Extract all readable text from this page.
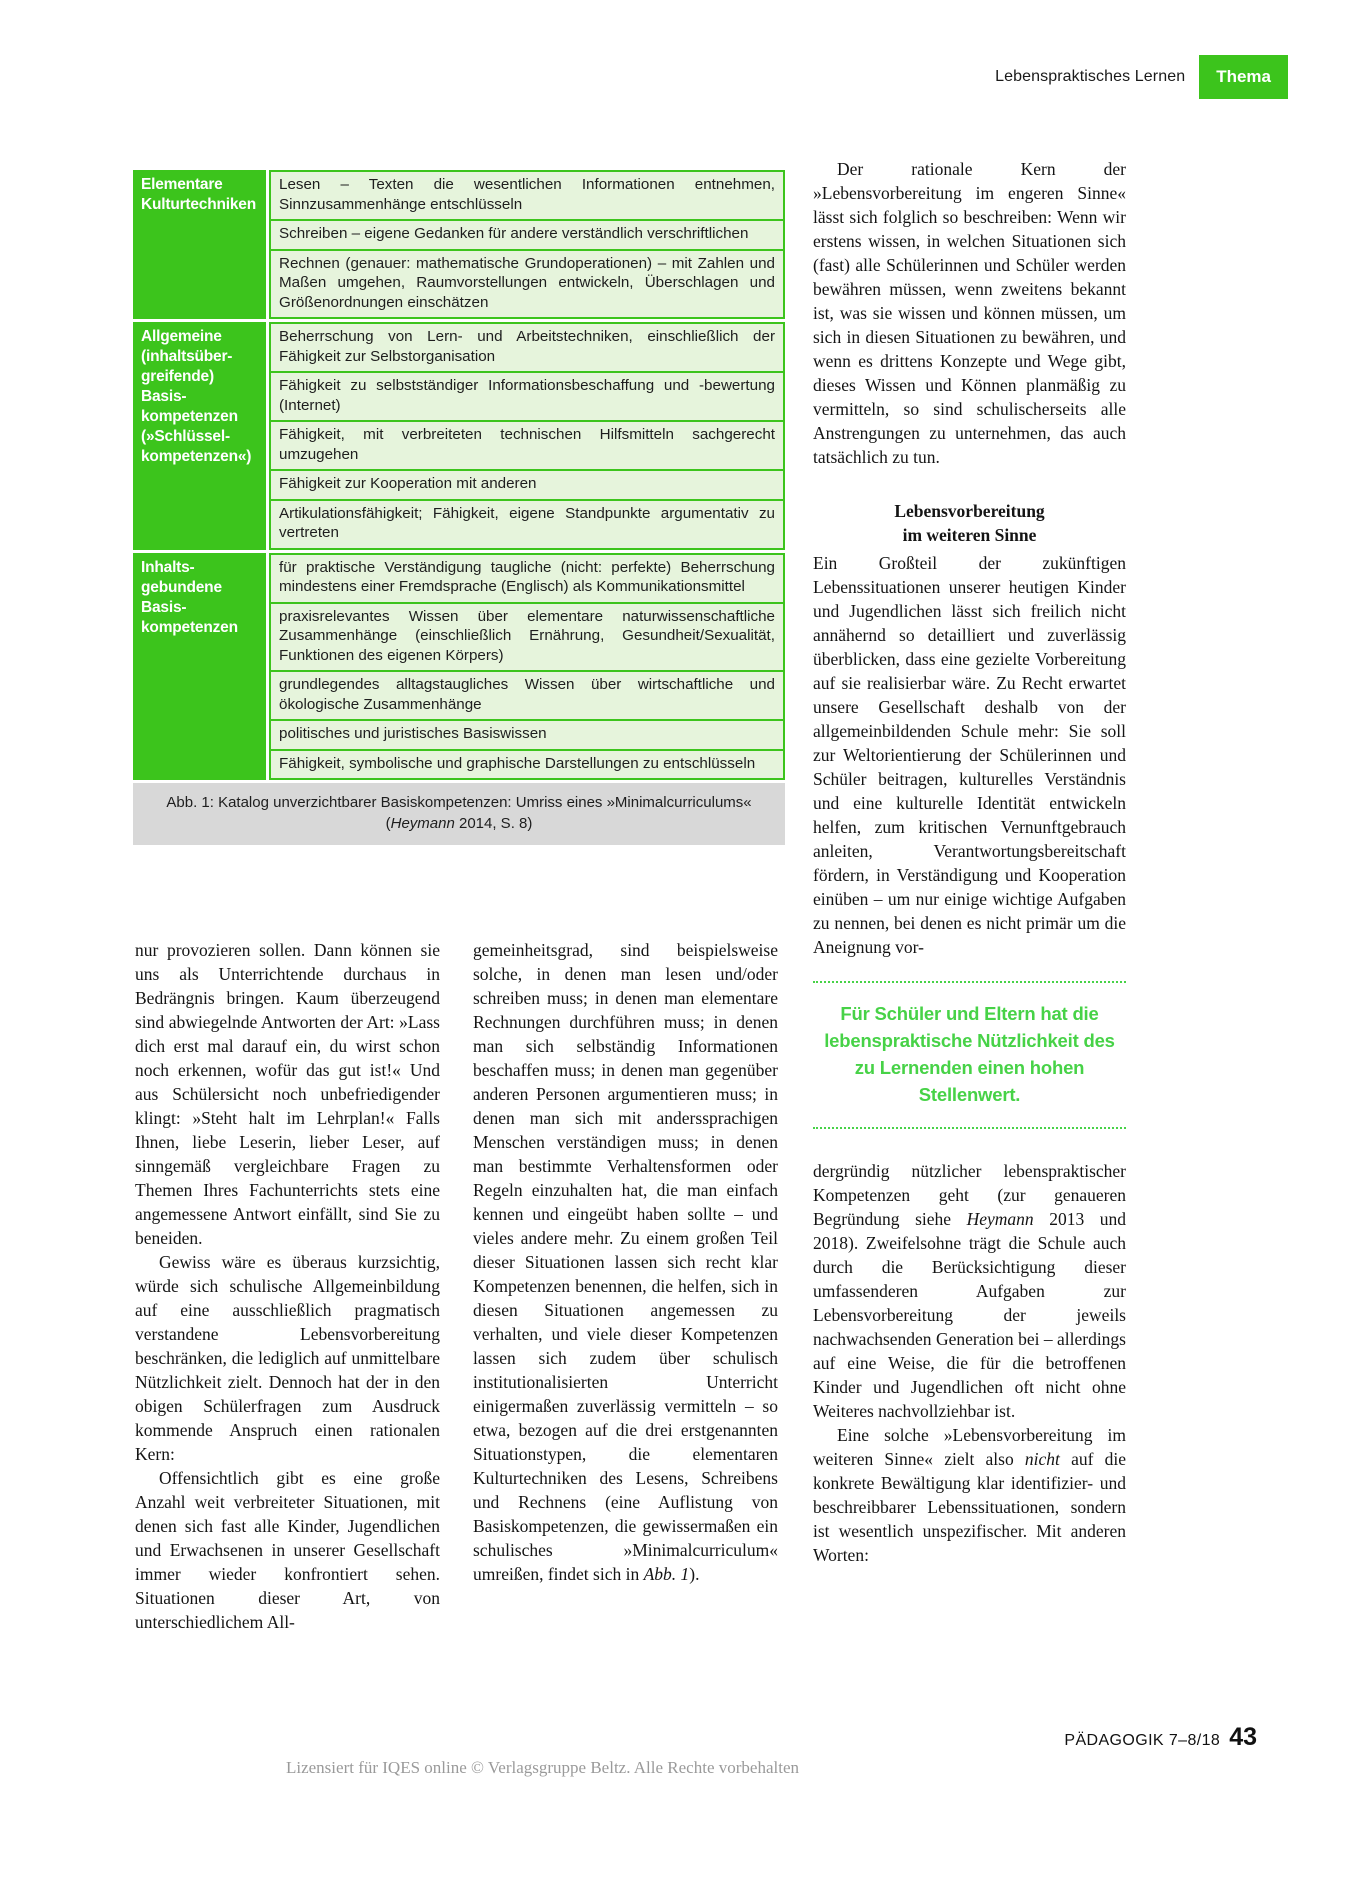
Lebenspraktisches Lernen	Thema
Elementare
Kulturtechniken
Lesen – Texten die wesentlichen Informationen entnehmen, Sinnzusammenhänge entschlüsseln
Schreiben – eigene Gedanken für andere verständlich verschriftlichen
Rechnen (genauer: mathematische Grundoperationen) – mit Zahlen und Maßen umgehen, Raumvorstellungen entwickeln, Überschlagen und Größenordnungen einschätzen
Allgemeine
(inhaltsüber-
greifende)
Basis-
kompetenzen
(»Schlüssel-
kompetenzen«)
Beherrschung von Lern- und Arbeitstechniken, einschließlich der Fähigkeit zur Selbstorganisation
Fähigkeit zu selbstständiger Informationsbeschaffung und -bewertung (Internet)
Fähigkeit, mit verbreiteten technischen Hilfsmitteln sachgerecht umzugehen
Fähigkeit zur Kooperation mit anderen
Artikulationsfähigkeit; Fähigkeit, eigene Standpunkte argumentativ zu vertreten
Inhalts-
gebundene
Basis-
kompetenzen
für praktische Verständigung taugliche (nicht: perfekte) Beherrschung mindestens einer Fremdsprache (Englisch) als Kommunikationsmittel
praxisrelevantes Wissen über elementare naturwissenschaftliche Zusammenhänge (einschließlich Ernährung, Gesundheit/Sexualität, Funktionen des eigenen Körpers)
grundlegendes alltagstaugliches Wissen über wirtschaftliche und ökologische Zusammenhänge
politisches und juristisches Basiswissen
Fähigkeit, symbolische und graphische Darstellungen zu entschlüsseln
Abb. 1: Katalog unverzichtbarer Basiskompetenzen: Umriss eines »Minimalcurriculums«
(Heymann 2014, S. 8)

Der rationale Kern der »Lebensvorbereitung im engeren Sinne« lässt sich folglich so beschreiben: Wenn wir erstens wissen, in welchen Situationen sich (fast) alle Schülerinnen und Schüler werden bewähren müssen, wenn zweitens bekannt ist, was sie wissen und können müssen, um sich in diesen Situationen zu bewähren, und wenn es drittens Konzepte und Wege gibt, dieses Wissen und Können planmäßig zu vermitteln, so sind schulischerseits alle Anstrengungen zu unternehmen, das auch tatsächlich zu tun.

Lebensvorbereitung
im weiteren Sinne

Ein Großteil der zukünftigen Lebenssituationen unserer heutigen Kinder und Jugendlichen lässt sich freilich nicht annähernd so detailliert und zuverlässig überblicken, dass eine gezielte Vorbereitung auf sie realisierbar wäre. Zu Recht erwartet unsere Gesellschaft deshalb von der allgemeinbildenden Schule mehr: Sie soll zur Weltorientierung der Schülerinnen und Schüler beitragen, kulturelles Verständnis und eine kulturelle Identität entwickeln helfen, zum kritischen Vernunftgebrauch anleiten, Verantwortungsbereitschaft fördern, in Verständigung und Kooperation einüben – um nur einige wichtige Aufgaben zu nennen, bei denen es nicht primär um die Aneignung vor-

Für Schüler und Eltern hat die lebenspraktische Nützlichkeit des zu Lernenden einen hohen Stellenwert.

dergründig nützlicher lebenspraktischer Kompetenzen geht (zur genaueren Begründung siehe Heymann 2013 und 2018). Zweifelsohne trägt die Schule auch durch die Berücksichtigung dieser umfassenderen Aufgaben zur Lebensvorbereitung der jeweils nachwachsenden Generation bei – allerdings auf eine Weise, die für die betroffenen Kinder und Jugendlichen oft nicht ohne Weiteres nachvollziehbar ist.

Eine solche »Lebensvorbereitung im weiteren Sinne« zielt also nicht auf die konkrete Bewältigung klar identifizier- und beschreibbarer Lebenssituationen, sondern ist wesentlich unspezifischer. Mit anderen Worten:

nur provozieren sollen. Dann können sie uns als Unterrichtende durchaus in Bedrängnis bringen. Kaum überzeugend sind abwiegelnde Antworten der Art: »Lass dich erst mal darauf ein, du wirst schon noch erkennen, wofür das gut ist!« Und aus Schülersicht noch unbefriedigender klingt: »Steht halt im Lehrplan!« Falls Ihnen, liebe Leserin, lieber Leser, auf sinngemäß vergleichbare Fragen zu Themen Ihres Fachunterrichts stets eine angemessene Antwort einfällt, sind Sie zu beneiden.

Gewiss wäre es überaus kurzsichtig, würde sich schulische Allgemeinbildung auf eine ausschließlich pragmatisch verstandene Lebensvorbereitung beschränken, die lediglich auf unmittelbare Nützlichkeit zielt. Dennoch hat der in den obigen Schülerfragen zum Ausdruck kommende Anspruch einen rationalen Kern:

Offensichtlich gibt es eine große Anzahl weit verbreiteter Situationen, mit denen sich fast alle Kinder, Jugendlichen und Erwachsenen in unserer Gesellschaft immer wieder konfrontiert sehen. Situationen dieser Art, von unterschiedlichem All-

gemeinheitsgrad, sind beispielsweise solche, in denen man lesen und/oder schreiben muss; in denen man elementare Rechnungen durchführen muss; in denen man sich selbständig Informationen beschaffen muss; in denen man gegenüber anderen Personen argumentieren muss; in denen man sich mit anderssprachigen Menschen verständigen muss; in denen man bestimmte Verhaltensformen oder Regeln einzuhalten hat, die man einfach kennen und eingeübt haben sollte – und vieles andere mehr. Zu einem großen Teil dieser Situationen lassen sich recht klar Kompetenzen benennen, die helfen, sich in diesen Situationen angemessen zu verhalten, und viele dieser Kompetenzen lassen sich zudem über schulisch institutionalisierten Unterricht einigermaßen zuverlässig vermitteln – so etwa, bezogen auf die drei erstgenannten Situationstypen, die elementaren Kulturtechniken des Lesens, Schreibens und Rechnens (eine Auflistung von Basiskompetenzen, die gewissermaßen ein schulisches »Minimalcurriculum« umreißen, findet sich in Abb. 1).

PÄDAGOGIK 7–8/18 43
Lizensiert für IQES online © Verlagsgruppe Beltz. Alle Rechte vorbehalten
